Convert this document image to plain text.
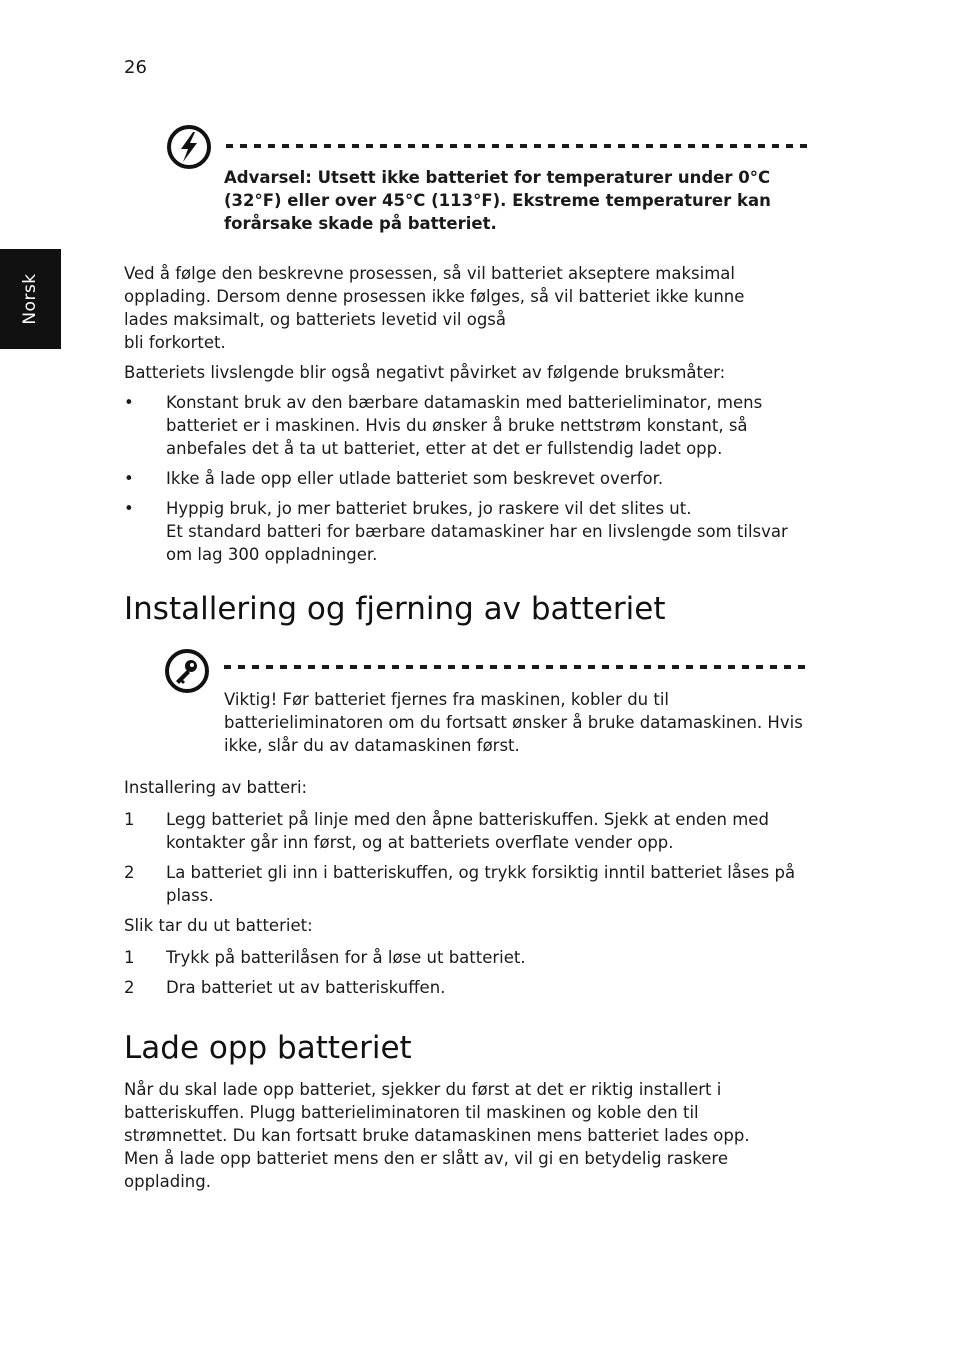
26
Norsk
Advarsel: Utsett ikke batteriet for temperaturer under 0°C (32°F) eller over 45°C (113°F). Ekstreme temperaturer kan forårsake skade på batteriet.
Ved å følge den beskrevne prosessen, så vil batteriet akseptere maksimal opplading. Dersom denne prosessen ikke følges, så vil batteriet ikke kunne lades maksimalt, og batteriets levetid vil også
bli forkortet.
Batteriets livslengde blir også negativt påvirket av følgende bruksmåter:
• Konstant bruk av den bærbare datamaskin med batterieliminator, mens batteriet er i maskinen. Hvis du ønsker å bruke nettstrøm konstant, så anbefales det å ta ut batteriet, etter at det er fullstendig ladet opp.
• Ikke å lade opp eller utlade batteriet som beskrevet overfor.
• Hyppig bruk, jo mer batteriet brukes, jo raskere vil det slites ut.
Et standard batteri for bærbare datamaskiner har en livslengde som tilsvar om lag 300 oppladninger.
Installering og fjerning av batteriet
Viktig! Før batteriet fjernes fra maskinen, kobler du til batterieliminatoren om du fortsatt ønsker å bruke datamaskinen. Hvis ikke, slår du av datamaskinen først.
Installering av batteri:
1 Legg batteriet på linje med den åpne batteriskuffen. Sjekk at enden med kontakter går inn først, og at batteriets overflate vender opp.
2 La batteriet gli inn i batteriskuffen, og trykk forsiktig inntil batteriet låses på plass.
Slik tar du ut batteriet:
1 Trykk på batterilåsen for å løse ut batteriet.
2 Dra batteriet ut av batteriskuffen.
Lade opp batteriet
Når du skal lade opp batteriet, sjekker du først at det er riktig installert i batteriskuffen. Plugg batterieliminatoren til maskinen og koble den til strømnettet. Du kan fortsatt bruke datamaskinen mens batteriet lades opp. Men å lade opp batteriet mens den er slått av, vil gi en betydelig raskere opplading.
